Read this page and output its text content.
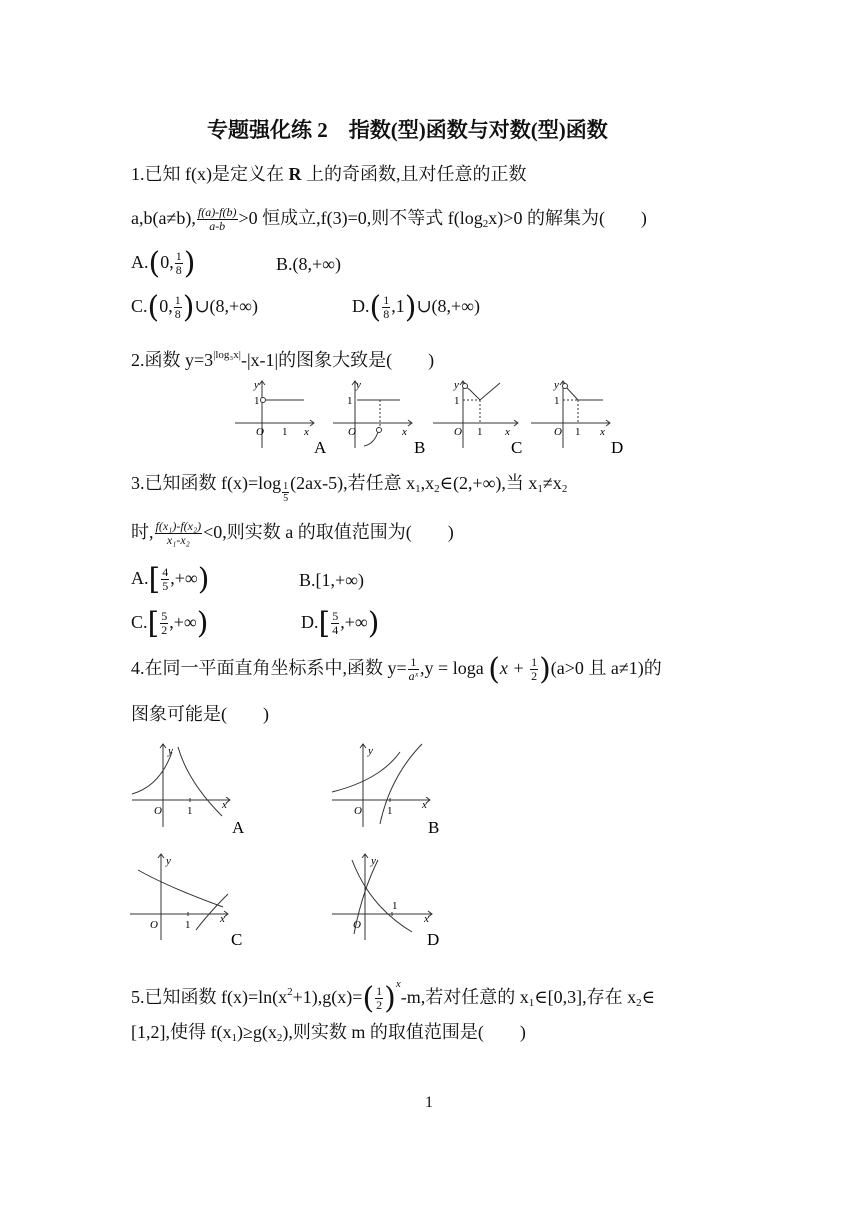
专题强化练 2　指数(型)函数与对数(型)函数
1.已知 f(x)是定义在 R 上的奇函数,且对任意的正数
a,b(a≠b), $\frac{f(a)-f(b)}{a-b} >0$ 恒成立,f(3)=0,则不等式 $f(\log_2x)>0$ 的解集为(　　)
A.(0, $\frac{1}{8}$ )	B.(8,+∞)
C.(0, $\frac{1}{8}$ )∪(8,+∞)	$D.( \frac{1}{8}$ ,1)∪(8,+∞)
2.函数 $y=3^{|log_3x|}-|x-1|$的图象大致是(　　)
y
1
O 1 x
A
y
1
O	x
B
y
1
O 1 x
C
y
1
O 1 x
D
3.已知函数 $f(x)=\log \frac{1}{5} (2ax-5)$,若任意 $x_1,x_2\in(2,+\infty)$,当 $x_1\ne x_2$
时, $\frac{\text{f(x₁)-f(x₂)}}{\text{x₁-x₂}} <0$,则实数 a 的取值范围为(　　)
$A.[ \frac{4}{5}$ ,+∞)	B.[1,+∞)
$C.[ \frac{5}{2}$ ,+∞)	$D.[ \frac{5}{4}$ ,+∞)
4.在同一平面直角坐标系中,函数 $y= \frac{1}{\text{aˣ}} ,y = \log a$ $(x + \frac{1}{2} )(a>0$ 且 a≠1)的
图象可能是(　　)
y
O 1	x
A
y
O 1	x
B
y
O 1	x
C
y
O
1
x
D
5.已知函数 $f(x)=\ln(x^2+1),g(x)=( \frac{1}{2} )^x-m$,若对任意的 $x_1\in[0,3]$,存在 $x_2\in$
[1,2],使得 $f(x_1)\ge g(x_2)$,则实数 m 的取值范围是(　　)
1
